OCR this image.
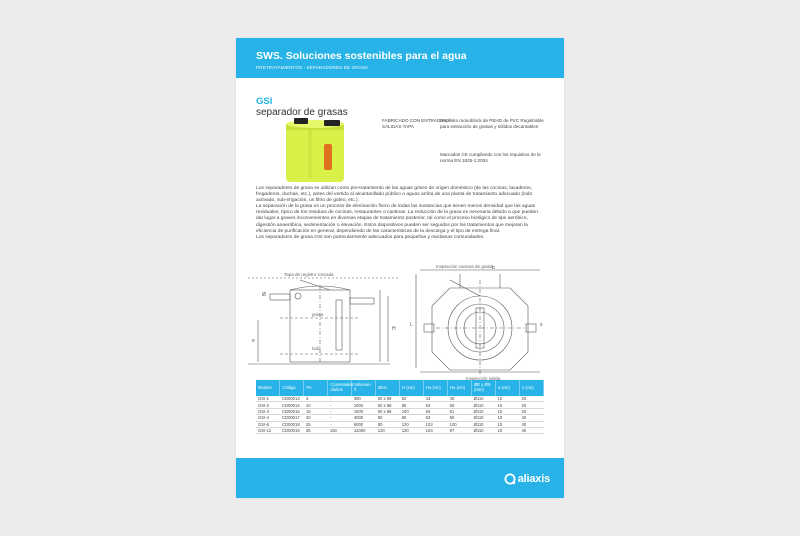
SWS. Soluciones sostenibles para el agua
PRETRATAMIENTOS - SEPARADORES DE GRASA
GSI
separador de grasas
FABRICADO CON ENTRADAS Y SALIDAS TAPA
Depósito monoblock de PEHD de PVC Registrable para extracción de grasas y sólidos decantables
Marcados CE cumpliendo con los requisitos de la norma EN 1825-1:2004

Los separadores de grasa se utilizan como pre-tratamiento de las aguas grises de origen doméstico (de las cocinas, lavaderos, fregaderos, duchas, etc.), antes del vertido al alcantarillado público o aguas arriba de una planta de tratamiento adecuado (lodo activado, sub-irrigación, un filtro de goteo, etc.).

La separación de la grasa es un proceso de eliminación físico de todas las sustancias que tienen menos densidad que las aguas residuales, típico de los residuos de cocinas, restaurantes o cantinas. La reducción de la grasa es necesaria debido a que pueden dar lugar a graves inconvenientes en diversas etapas de tratamiento posterior, tal como el proceso biológico de tipo aeróbico, digestión anaeróbica, sedimentación o elevación. Estos dispositivos pueden ser seguidos por los tratamientos que mejoran la eficiencia de purificación en general, dependiendo de las características de la descarga y el tipo de entrega final.

Los separadores de grasa GSI son particularmente adecuados para pequeñas y medianas comunidades.

Tapa de registro roscada
grasa
lodo
Ø
H
e
Inspección camara de grasa
Inspección salida
b
L	s
Modelo	Código	Pe	Comensales diarios	Volumen lt	ØxH	H (cm)	Hs (cm)	He (cm)	ØE y ØS (mm)	a (cm)	s (cm)
GSI-1	CD00013	3	-	390	60 x 88	62	43	40	Ø110	10	20
GSI-2	CD00014	10	-	1000	60 x 88	80	63	60	Ø110	10	20
GSI-3	CD00015	15	-	1500	60 x 88	100	84	81	Ø110	10	20
GSI-4	CD00017	20	-	4000	80	80	63	60	Ø110	10	40
GSI-6	CD00018	25	-	6000	80	120	103	100	Ø110	10	40
GSI-12	CD00019	35	150	12000	120	120	103	97	Ø110	10	40
aliaxis
